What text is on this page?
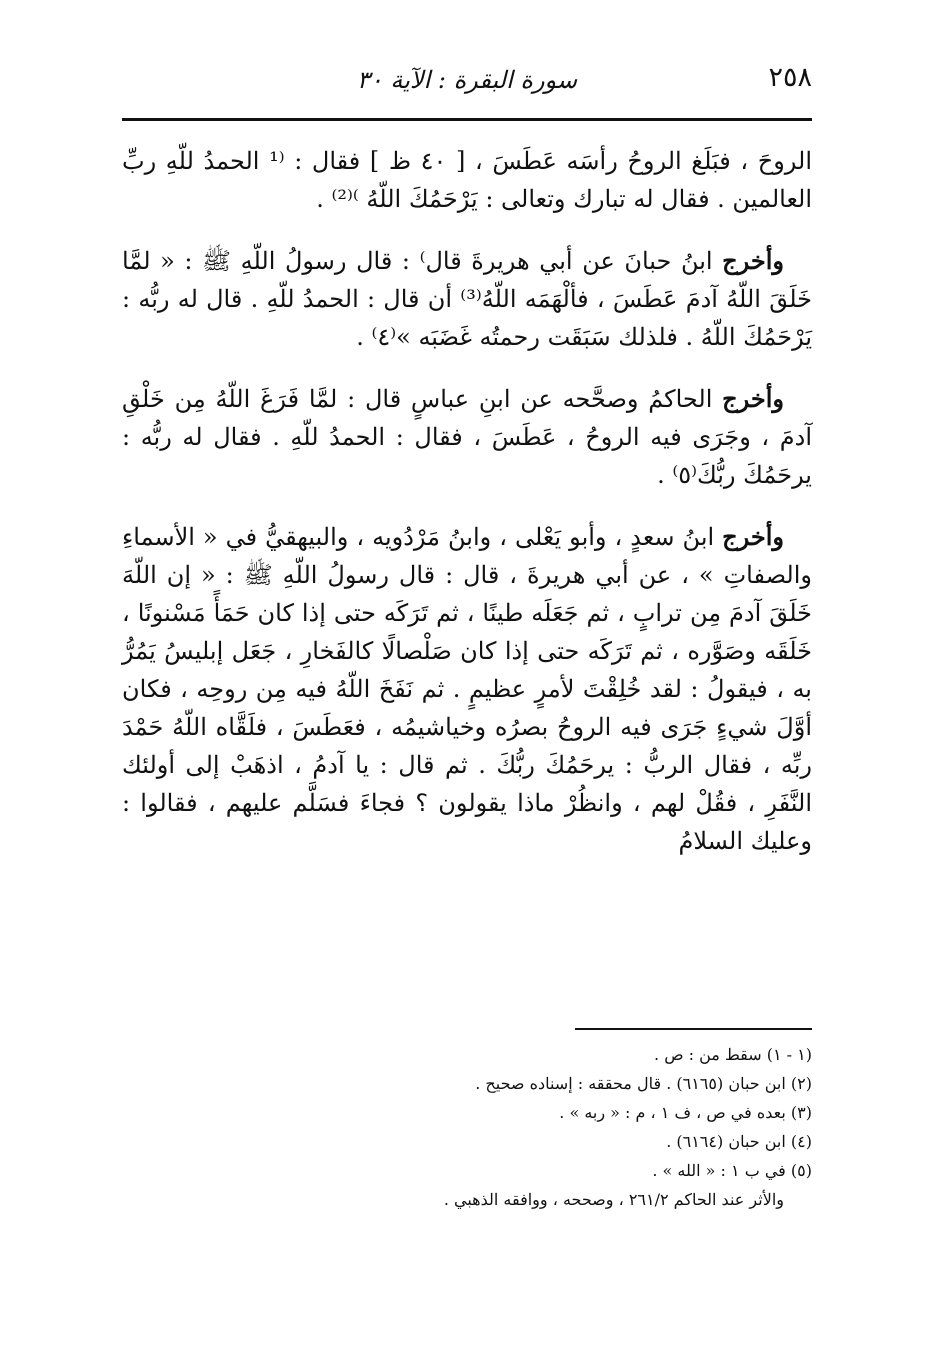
٢٥٨
سورة البقرة : الآية ٣٠

الروحَ ، فبَلَغ الروحُ رأسَه عَطَسَ ، [ ٤٠ ظ ] فقال : ⁽¹ الحمدُ للّهِ ربِّ العالمين . فقال له تبارك وتعالى : يَرْحَمُكَ اللّهُ ⁾⁽²⁾ .

وأخرج ابنُ حبانَ عن أبي هريرةَ قال⁾ : قال رسولُ اللّهِ ﷺ : « لمَّا خَلَقَ اللّهُ آدمَ عَطَسَ ، فألْهَمَه اللّهُ⁽³⁾ أن قال : الحمدُ للّهِ . قال له ربُّه : يَرْحَمُكَ اللّهُ . فلذلك سَبَقَت رحمتُه غَضَبَه »⁽٤⁾ .

وأخرج الحاكمُ وصحَّحه عن ابنِ عباسٍ قال : لمَّا فَرَغَ اللّهُ مِن خَلْقِ آدمَ ، وجَرَى فيه الروحُ ، عَطَسَ ، فقال : الحمدُ للّهِ . فقال له ربُّه : يرحَمُكَ ربُّكَ⁽٥⁾ .

وأخرج ابنُ سعدٍ ، وأبو يَعْلى ، وابنُ مَرْدُويه ، والبيهقيُّ في « الأسماءِ والصفاتِ » ، عن أبي هريرةَ ، قال : قال رسولُ اللّهِ ﷺ : « إن اللّهَ خَلَقَ آدمَ مِن ترابٍ ، ثم جَعَلَه طينًا ، ثم تَرَكَه حتى إذا كان حَمَأً مَسْنونًا ، خَلَقَه وصَوَّره ، ثم تَرَكَه حتى إذا كان صَلْصالًا كالفَخارِ ، جَعَل إبليسُ يَمُرُّ به ، فيقولُ : لقد خُلِقْتَ لأمرٍ عظيمٍ . ثم نَفَخَ اللّهُ فيه مِن روحِه ، فكان أوَّلَ شيءٍ جَرَى فيه الروحُ بصرُه وخياشيمُه ، فعَطَسَ ، فلَقَّاه اللّهُ حَمْدَ ربِّه ، فقال الربُّ : يرحَمُكَ ربُّكَ . ثم قال : يا آدمُ ، اذهَبْ إلى أولئك النَّفَرِ ، فقُلْ لهم ، وانظُرْ ماذا يقولون ؟ فجاءَ فسَلَّم عليهم ، فقالوا : وعليك السلامُ

(١ - ١) سقط من : ص .

(٢) ابن حبان (٦١٦٥) . قال محققه : إسناده صحيح .

(٣) بعده في ص ، ف ١ ، م : « ربه » .

(٤) ابن حبان (٦١٦٤) .

(٥) في ب ١ : « الله » .

والأثر عند الحاكم ٢٦١/٢ ، وصححه ، ووافقه الذهبي .
